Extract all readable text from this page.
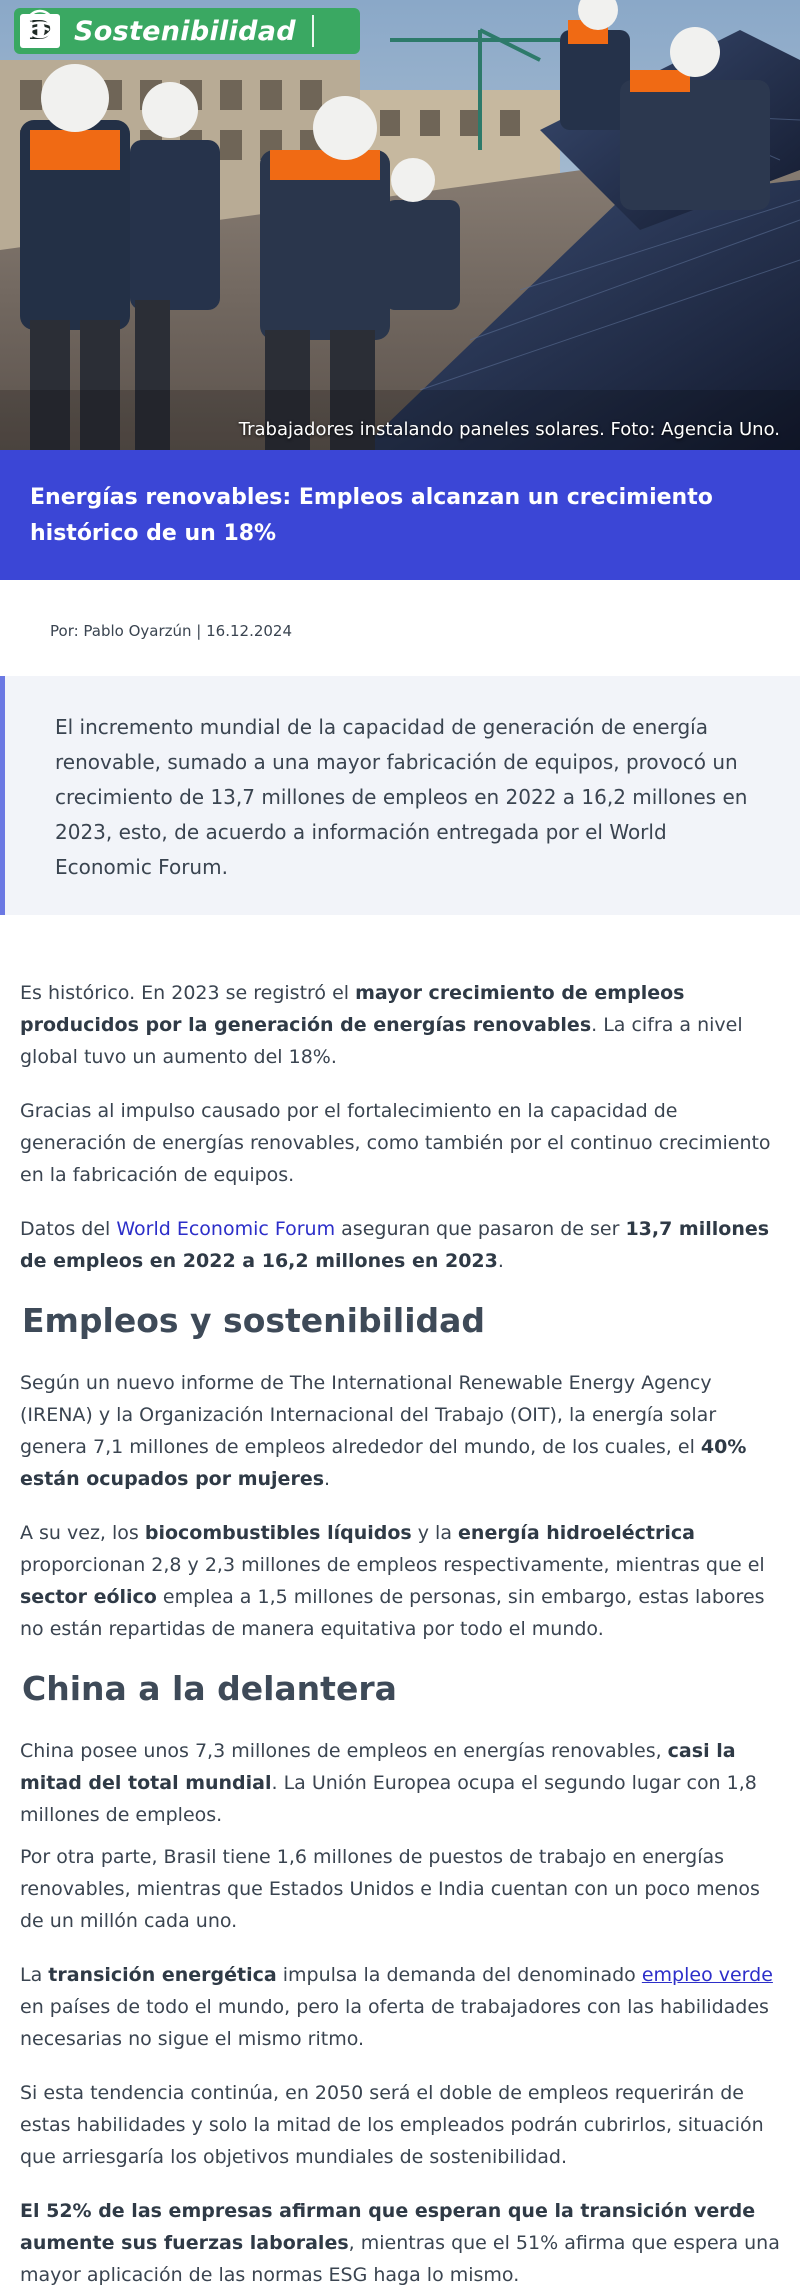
D Sostenibilidad
Trabajadores instalando paneles solares. Foto: Agencia Uno.
Energías renovables: Empleos alcanzan un crecimiento histórico de un 18%
Por: Pablo Oyarzún | 16.12.2024

El incremento mundial de la capacidad de generación de energía renovable, sumado a una mayor fabricación de equipos, provocó un crecimiento de 13,7 millones de empleos en 2022 a 16,2 millones en 2023, esto, de acuerdo a información entregada por el World Economic Forum.

Es histórico. En 2023 se registró el mayor crecimiento de empleos producidos por la generación de energías renovables. La cifra a nivel global tuvo un aumento del 18%.

Gracias al impulso causado por el fortalecimiento en la capacidad de generación de energías renovables, como también por el continuo crecimiento en la fabricación de equipos.

Datos del World Economic Forum aseguran que pasaron de ser 13,7 millones de empleos en 2022 a 16,2 millones en 2023.

Empleos y sostenibilidad

Según un nuevo informe de The International Renewable Energy Agency (IRENA) y la Organización Internacional del Trabajo (OIT), la energía solar genera 7,1 millones de empleos alrededor del mundo, de los cuales, el 40% están ocupados por mujeres.

A su vez, los biocombustibles líquidos y la energía hidroeléctrica proporcionan 2,8 y 2,3 millones de empleos respectivamente, mientras que el sector eólico emplea a 1,5 millones de personas, sin embargo, estas labores no están repartidas de manera equitativa por todo el mundo.

China a la delantera

China posee unos 7,3 millones de empleos en energías renovables, casi la mitad del total mundial. La Unión Europea ocupa el segundo lugar con 1,8 millones de empleos.

Por otra parte, Brasil tiene 1,6 millones de puestos de trabajo en energías renovables, mientras que Estados Unidos e India cuentan con un poco menos de un millón cada uno.

La transición energética impulsa la demanda del denominado empleo verde en países de todo el mundo, pero la oferta de trabajadores con las habilidades necesarias no sigue el mismo ritmo.

Si esta tendencia continúa, en 2050 será el doble de empleos requerirán de estas habilidades y solo la mitad de los empleados podrán cubrirlos, situación que arriesgaría los objetivos mundiales de sostenibilidad.

El 52% de las empresas afirman que esperan que la transición verde aumente sus fuerzas laborales, mientras que el 51% afirma que espera una mayor aplicación de las normas ESG haga lo mismo.
